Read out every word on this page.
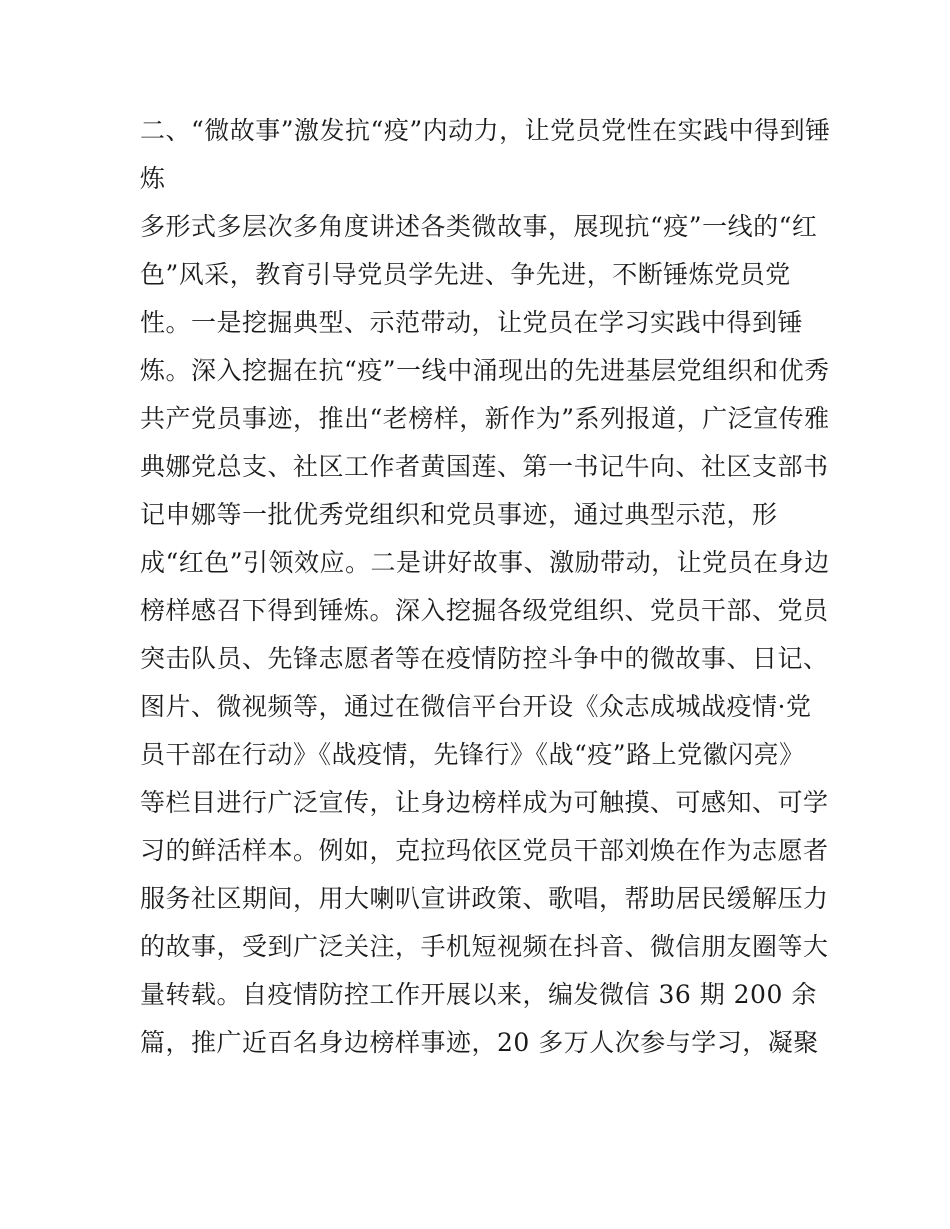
二、“微故事”激发抗“疫”内动力，让党员党性在实践中得到锤
炼
多形式多层次多角度讲述各类微故事，展现抗“疫”一线的“红
色”风采，教育引导党员学先进、争先进，不断锤炼党员党
性。一是挖掘典型、示范带动，让党员在学习实践中得到锤
炼。深入挖掘在抗“疫”一线中涌现出的先进基层党组织和优秀
共产党员事迹，推出“老榜样，新作为”系列报道，广泛宣传雅
典娜党总支、社区工作者黄国莲、第一书记牛向、社区支部书
记申娜等一批优秀党组织和党员事迹，通过典型示范，形
成“红色”引领效应。二是讲好故事、激励带动，让党员在身边
榜样感召下得到锤炼。深入挖掘各级党组织、党员干部、党员
突击队员、先锋志愿者等在疫情防控斗争中的微故事、日记、
图片、微视频等，通过在微信平台开设《众志成城战疫情·党
员干部在行动》《战疫情，先锋行》《战“疫”路上党徽闪亮》
等栏目进行广泛宣传，让身边榜样成为可触摸、可感知、可学
习的鲜活样本。例如，克拉玛依区党员干部刘焕在作为志愿者
服务社区期间，用大喇叭宣讲政策、歌唱，帮助居民缓解压力
的故事，受到广泛关注，手机短视频在抖音、微信朋友圈等大
量转载。自疫情防控工作开展以来，编发微信 36 期 200 余
篇，推广近百名身边榜样事迹，20 多万人次参与学习，凝聚
